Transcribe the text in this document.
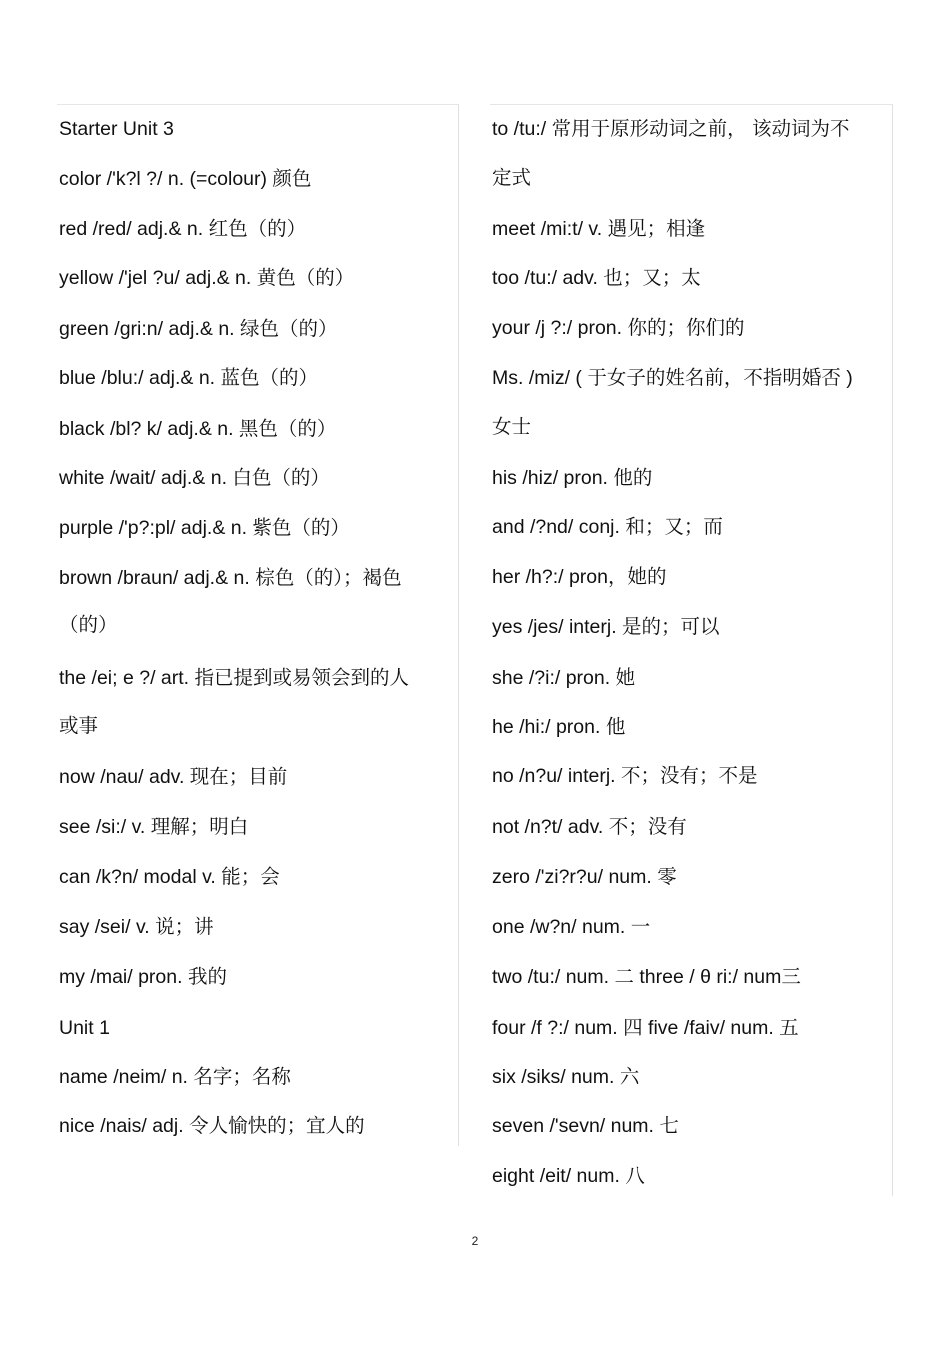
Starter Unit 3
color /'k?l ?/ n. (=colour) 颜色
red /red/ adj.& n. 红色（的）
yellow /'jel ?u/ adj.& n. 黄色（的）
green /gri:n/ adj.& n. 绿色（的）
blue /blu:/ adj.& n. 蓝色（的）
black /bl? k/ adj.& n. 黑色（的）
white /wait/ adj.& n. 白色（的）
purple /'p?:pl/ adj.& n. 紫色（的）
brown /braun/ adj.& n. 棕色（的）；褐色
（的）
the /ei; e ?/ art. 指已提到或易领会到的人
或事
now /nau/ adv. 现在；目前
see /si:/ v. 理解；明白
can /k?n/ modal v. 能；会
say /sei/ v. 说；讲
my /mai/ pron. 我的
Unit 1
name /neim/ n. 名字；名称
nice /nais/ adj. 令人愉快的；宜人的
to /tu:/ 常用于原形动词之前， 该动词为不
定式
meet /mi:t/ v. 遇见；相逢
too /tu:/ adv. 也；又；太
your /j ?:/ pron. 你的；你们的
Ms. /miz/ ( 于女子的姓名前，不指明婚否 )
女士
his /hiz/ pron. 他的
and /?nd/ conj. 和；又；而
her /h?:/ pron，她的
yes /jes/ interj. 是的；可以
she /?i:/ pron. 她
he /hi:/ pron. 他
no /n?u/ interj. 不；没有；不是
not /n?t/ adv. 不；没有
zero /'zi?r?u/ num. 零
one /w?n/ num. 一
two /tu:/ num. 二 three / θ ri:/ num三
four /f ?:/ num. 四 five /faiv/ num. 五
six /siks/ num. 六
seven /'sevn/ num. 七
eight /eit/ num. 八
2
